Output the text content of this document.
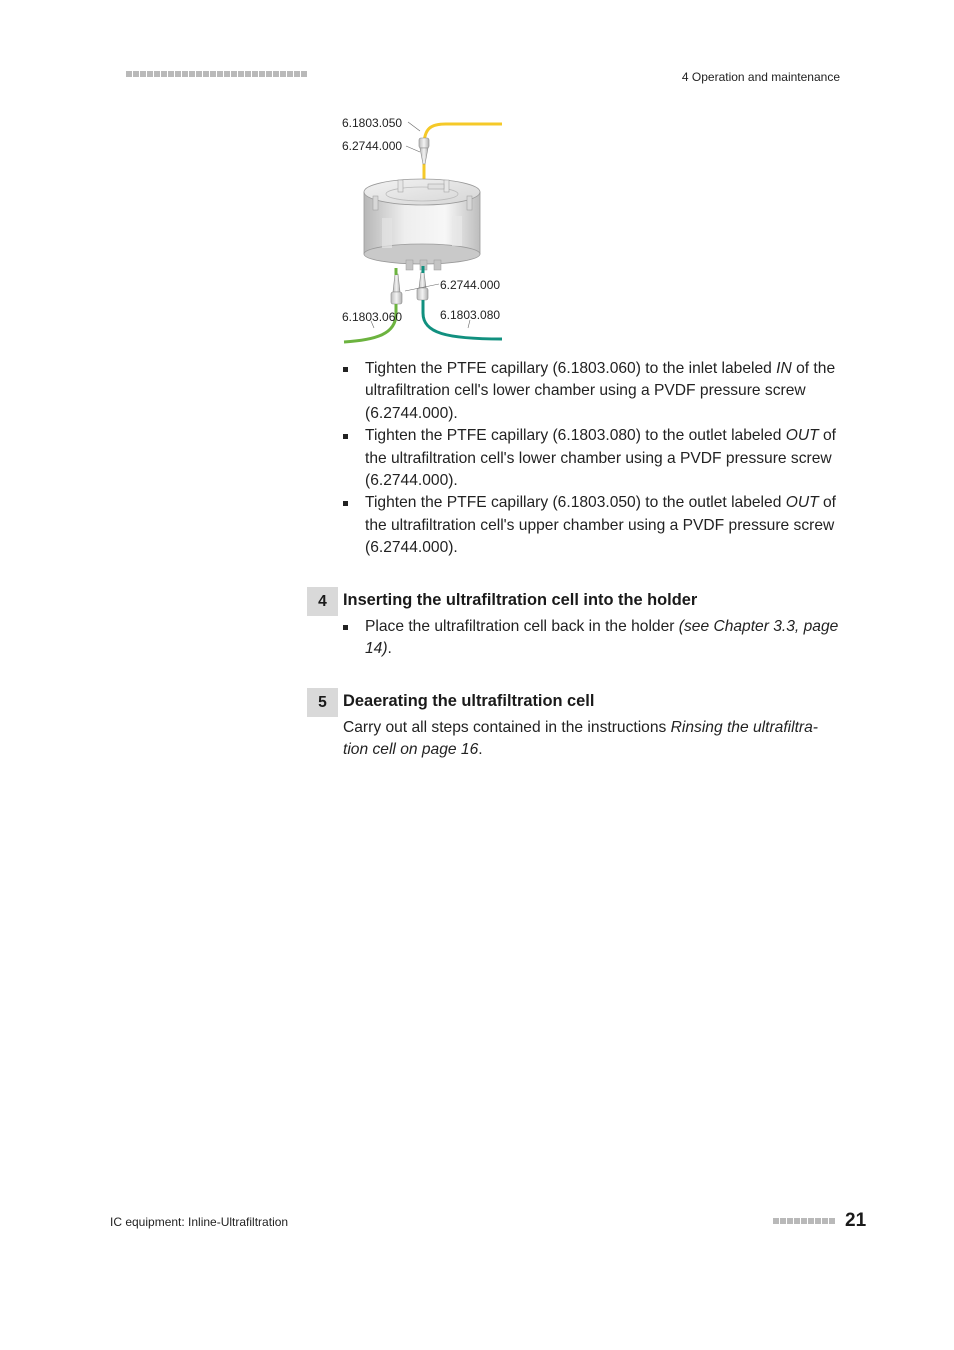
4 Operation and maintenance
6.1803.050
6.2744.000
6.2744.000
6.1803.060	6.1803.080
Tighten the PTFE capillary (6.1803.060) to the inlet labeled IN of the ultrafiltration cell's lower chamber using a PVDF pressure screw (6.2744.000).
Tighten the PTFE capillary (6.1803.080) to the outlet labeled OUT of the ultrafiltration cell's lower chamber using a PVDF pressure screw (6.2744.000).
Tighten the PTFE capillary (6.1803.050) to the outlet labeled OUT of the ultrafiltration cell's upper chamber using a PVDF pressure screw (6.2744.000).
4 Inserting the ultrafiltration cell into the holder
Place the ultrafiltration cell back in the holder (see Chapter 3.3, page 14).
5 Deaerating the ultrafiltration cell
Carry out all steps contained in the instructions Rinsing the ultrafiltra- tion cell on page 16.
IC equipment: Inline-Ultrafiltration	21
